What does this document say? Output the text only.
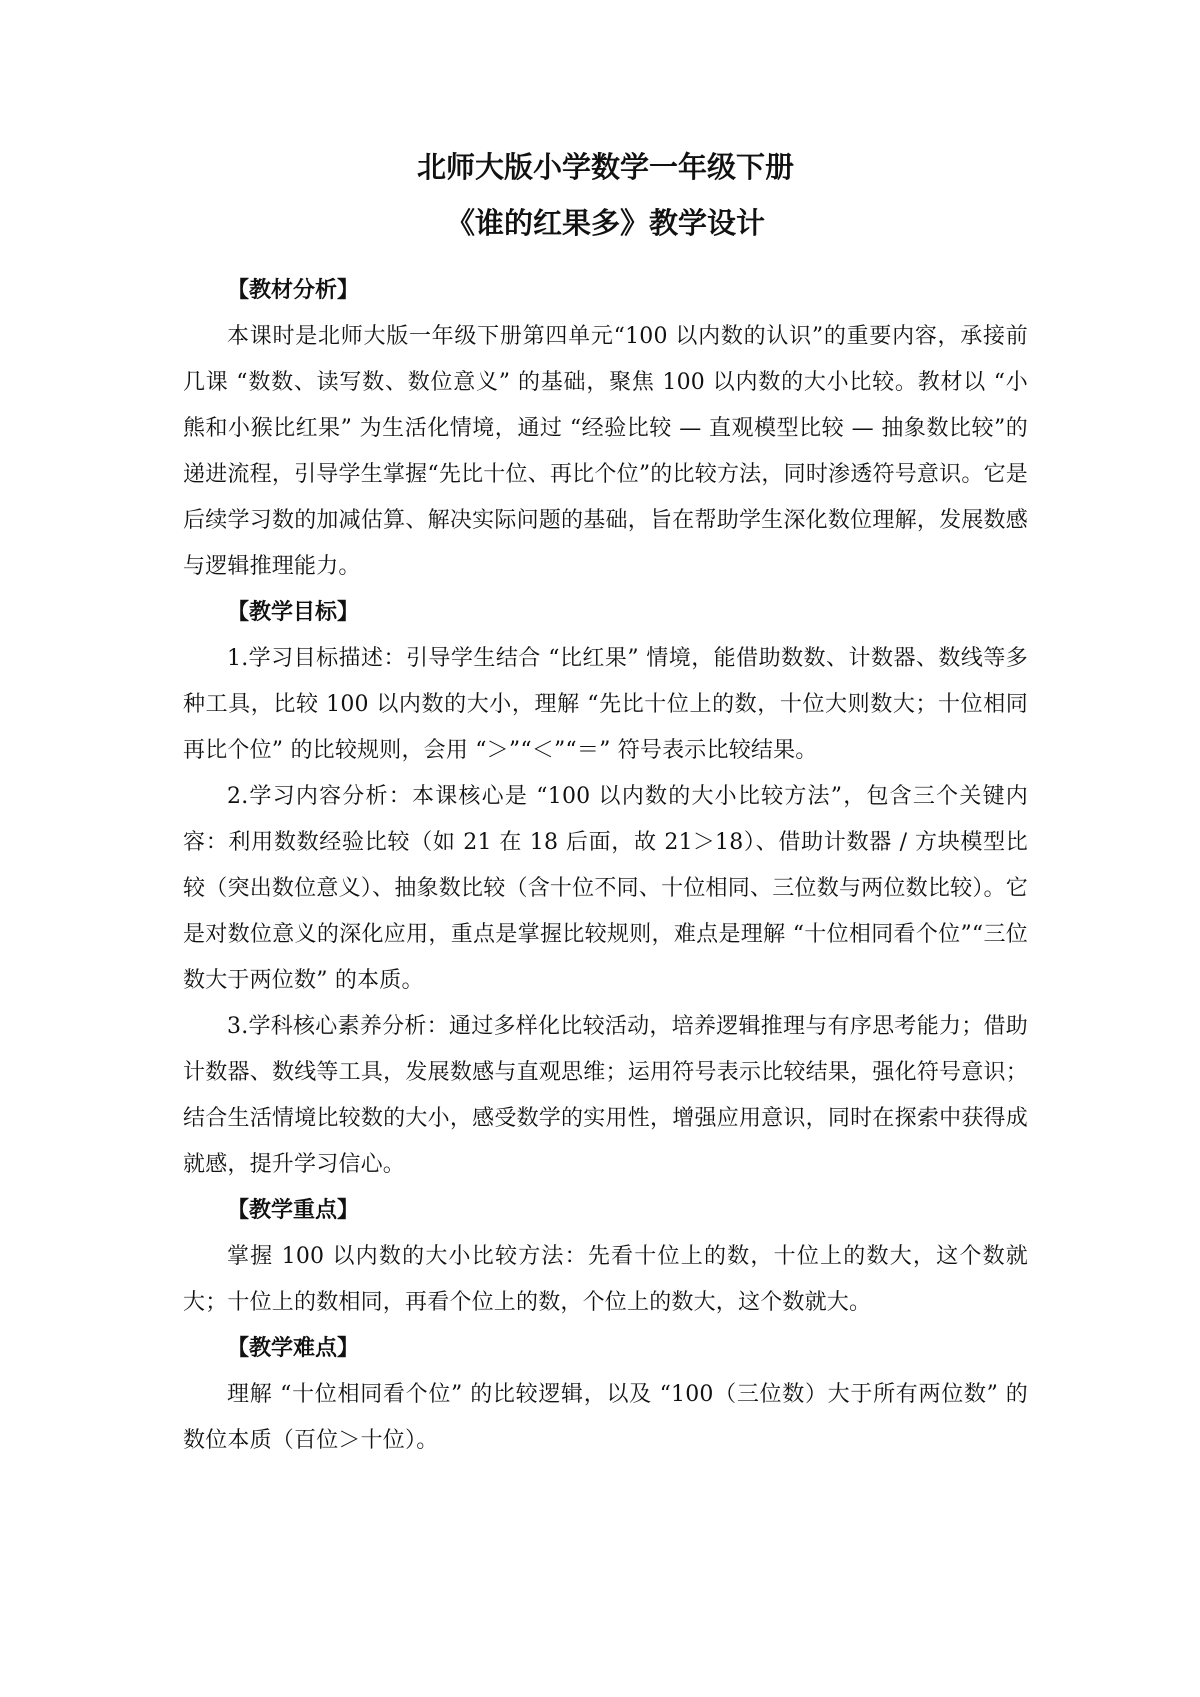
北师大版小学数学一年级下册
《谁的红果多》教学设计

【教材分析】

本课时是北师大版一年级下册第四单元“100 以内数的认识”的重要内容，承接前几课 “数数、读写数、数位意义” 的基础，聚焦 100 以内数的大小比较。教材以 “小熊和小猴比红果” 为生活化情境，通过 “经验比较 — 直观模型比较 — 抽象数比较”的递进流程，引导学生掌握“先比十位、再比个位”的比较方法，同时渗透符号意识。它是后续学习数的加减估算、解决实际问题的基础，旨在帮助学生深化数位理解，发展数感与逻辑推理能力。

【教学目标】

1.学习目标描述：引导学生结合 “比红果” 情境，能借助数数、计数器、数线等多种工具，比较 100 以内数的大小，理解 “先比十位上的数，十位大则数大；十位相同再比个位” 的比较规则，会用 “＞”“＜”“＝” 符号表示比较结果。

2.学习内容分析：本课核心是 “100 以内数的大小比较方法”，包含三个关键内容：利用数数经验比较（如 21 在 18 后面，故 21＞18）、借助计数器 / 方块模型比较（突出数位意义）、抽象数比较（含十位不同、十位相同、三位数与两位数比较）。它是对数位意义的深化应用，重点是掌握比较规则，难点是理解 “十位相同看个位”“三位数大于两位数” 的本质。

3.学科核心素养分析：通过多样化比较活动，培养逻辑推理与有序思考能力；借助计数器、数线等工具，发展数感与直观思维；运用符号表示比较结果，强化符号意识；结合生活情境比较数的大小，感受数学的实用性，增强应用意识，同时在探索中获得成就感，提升学习信心。

【教学重点】

掌握 100 以内数的大小比较方法：先看十位上的数，十位上的数大，这个数就大；十位上的数相同，再看个位上的数，个位上的数大，这个数就大。

【教学难点】

理解 “十位相同看个位” 的比较逻辑，以及 “100（三位数）大于所有两位数” 的数位本质（百位＞十位）。
